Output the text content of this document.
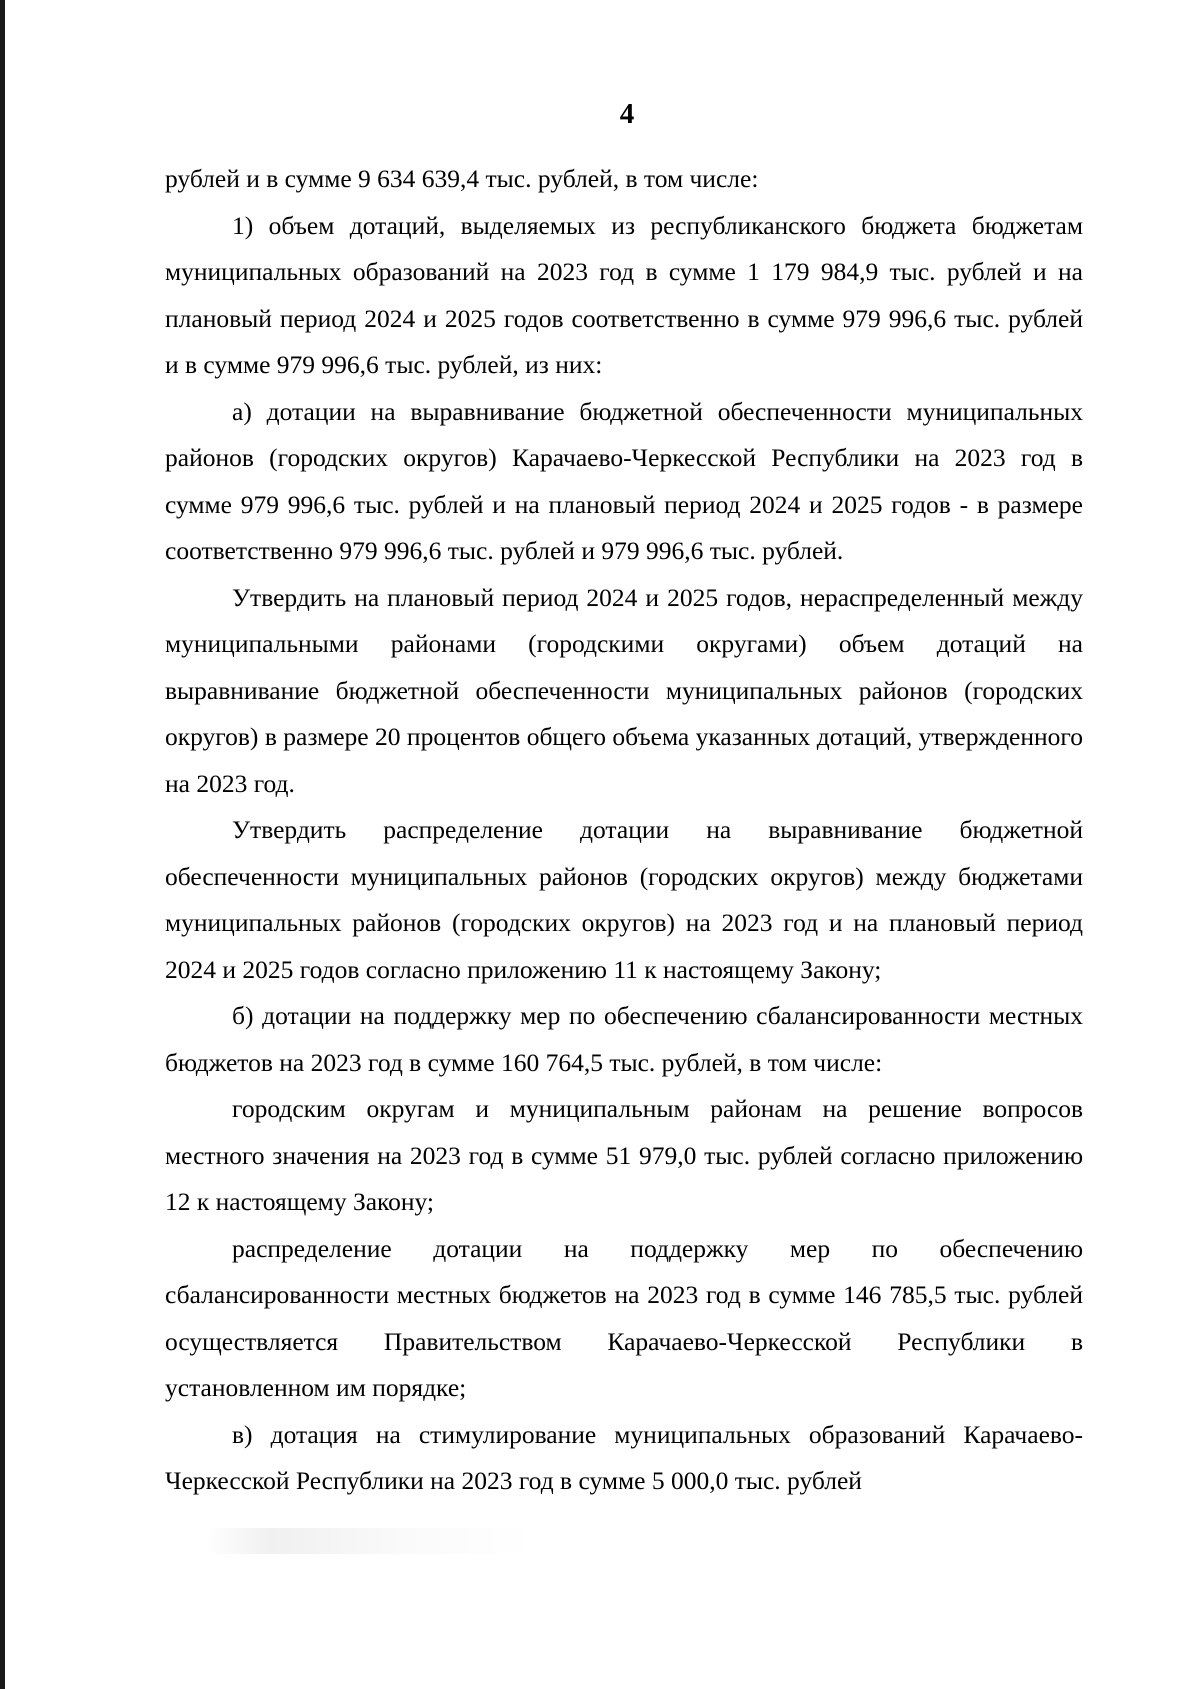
4

рублей и в сумме 9 634 639,4 тыс. рублей, в том числе:

1) объем дотаций, выделяемых из республиканского бюджета бюджетам муниципальных образований на 2023 год в сумме 1 179 984,9 тыс. рублей и на плановый период 2024 и 2025 годов соответственно в сумме 979 996,6 тыс. рублей и в сумме 979 996,6 тыс. рублей, из них:

а) дотации на выравнивание бюджетной обеспеченности муниципальных районов (городских округов) Карачаево-Черкесской Республики на 2023 год в сумме 979 996,6 тыс. рублей и на плановый период 2024 и 2025 годов - в размере соответственно 979 996,6 тыс. рублей и 979 996,6 тыс. рублей.

Утвердить на плановый период 2024 и 2025 годов, нераспределенный между муниципальными районами (городскими округами) объем дотаций на выравнивание бюджетной обеспеченности муниципальных районов (городских округов) в размере 20 процентов общего объема указанных дотаций, утвержденного на 2023 год.

Утвердить распределение дотации на выравнивание бюджетной обеспеченности муниципальных районов (городских округов) между бюджетами муниципальных районов (городских округов) на 2023 год и на плановый период 2024 и 2025 годов согласно приложению 11 к настоящему Закону;

б) дотации на поддержку мер по обеспечению сбалансированности местных бюджетов на 2023 год в сумме 160 764,5 тыс. рублей, в том числе:

городским округам и муниципальным районам на решение вопросов местного значения на 2023 год в сумме 51 979,0 тыс. рублей согласно приложению 12 к настоящему Закону;

распределение дотации на поддержку мер по обеспечению сбалансированности местных бюджетов на 2023 год в сумме 146 785,5 тыс. рублей осуществляется Правительством Карачаево-Черкесской Республики в установленном им порядке;

в) дотация на стимулирование муниципальных образований Карачаево-Черкесской Республики на 2023 год в сумме 5 000,0 тыс. рублей
